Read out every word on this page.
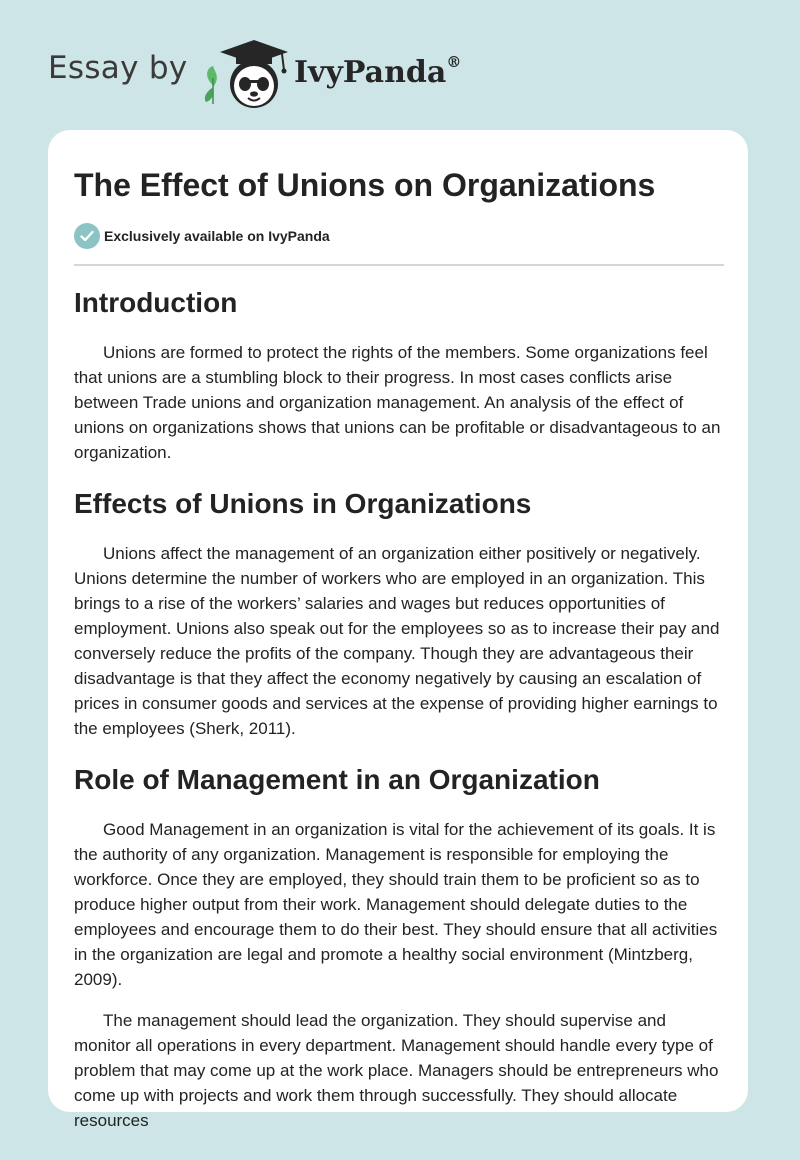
Essay by	IvyPanda®
The Effect of Unions on Organizations
Exclusively available on IvyPanda
Introduction

Unions are formed to protect the rights of the members. Some organizations feel that unions are a stumbling block to their progress. In most cases conflicts arise between Trade unions and organization management. An analysis of the effect of unions on organizations shows that unions can be profitable or disadvantageous to an organization.

Effects of Unions in Organizations

Unions affect the management of an organization either positively or negatively. Unions determine the number of workers who are employed in an organization. This brings to a rise of the workers’ salaries and wages but reduces opportunities of employment. Unions also speak out for the employees so as to increase their pay and conversely reduce the profits of the company. Though they are advantageous their disadvantage is that they affect the economy negatively by causing an escalation of prices in consumer goods and services at the expense of providing higher earnings to the employees (Sherk, 2011).

Role of Management in an Organization

Good Management in an organization is vital for the achievement of its goals. It is the authority of any organization. Management is responsible for employing the workforce. Once they are employed, they should train them to be proficient so as to produce higher output from their work. Management should delegate duties to the employees and encourage them to do their best. They should ensure that all activities in the organization are legal and promote a healthy social environment (Mintzberg, 2009).

The management should lead the organization. They should supervise and monitor all operations in every department. Management should handle every type of problem that may come up at the work place. Managers should be entrepreneurs who come up with projects and work them through successfully. They should allocate resources
